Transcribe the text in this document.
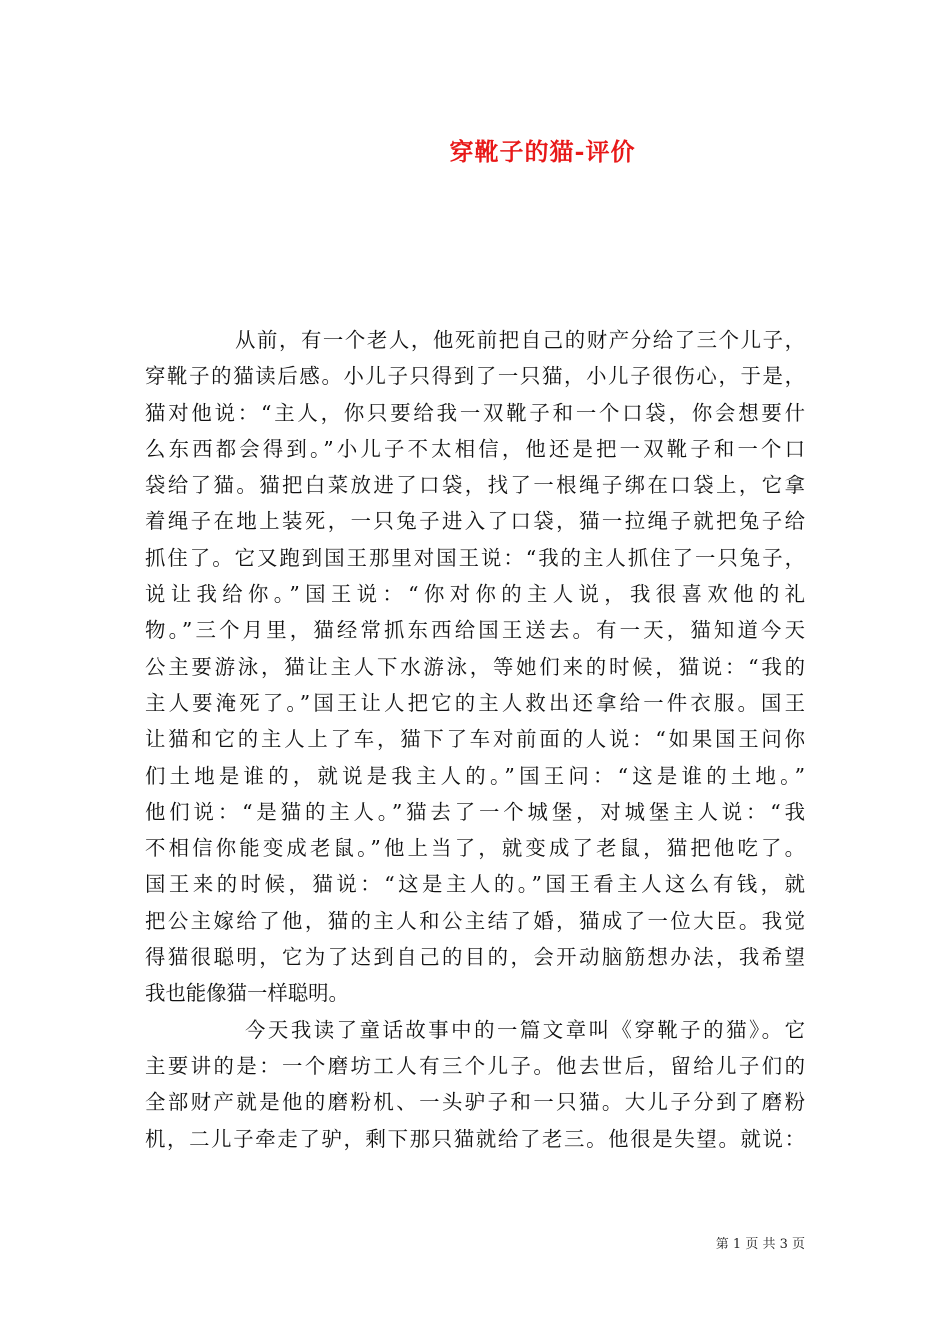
穿靴子的猫-评价
从前，有一个老人，他死前把自己的财产分给了三个儿子，
穿靴子的猫读后感。小儿子只得到了一只猫，小儿子很伤心，于是，
猫对他说：“主人，你只要给我一双靴子和一个口袋，你会想要什
么东西都会得到。”小儿子不太相信，他还是把一双靴子和一个口
袋给了猫。猫把白菜放进了口袋，找了一根绳子绑在口袋上，它拿
着绳子在地上装死，一只兔子进入了口袋，猫一拉绳子就把兔子给
抓住了。它又跑到国王那里对国王说：“我的主人抓住了一只兔子，
说让我给你。”国王说：“你对你的主人说，我很喜欢他的礼
物。”三个月里，猫经常抓东西给国王送去。有一天，猫知道今天
公主要游泳，猫让主人下水游泳，等她们来的时候，猫说：“我的
主人要淹死了。”国王让人把它的主人救出还拿给一件衣服。国王
让猫和它的主人上了车，猫下了车对前面的人说：“如果国王问你
们土地是谁的，就说是我主人的。”国王问：“这是谁的土地。”
他们说：“是猫的主人。”猫去了一个城堡，对城堡主人说：“我
不相信你能变成老鼠。”他上当了，就变成了老鼠，猫把他吃了。
国王来的时候，猫说：“这是主人的。”国王看主人这么有钱，就
把公主嫁给了他，猫的主人和公主结了婚，猫成了一位大臣。我觉
得猫很聪明，它为了达到自己的目的，会开动脑筋想办法，我希望
我也能像猫一样聪明。
今天我读了童话故事中的一篇文章叫《穿靴子的猫》。它
主要讲的是：一个磨坊工人有三个儿子。他去世后，留给儿子们的
全部财产就是他的磨粉机、一头驴子和一只猫。大儿子分到了磨粉
机，二儿子牵走了驴，剩下那只猫就给了老三。他很是失望。就说：
第 1 页 共 3 页
